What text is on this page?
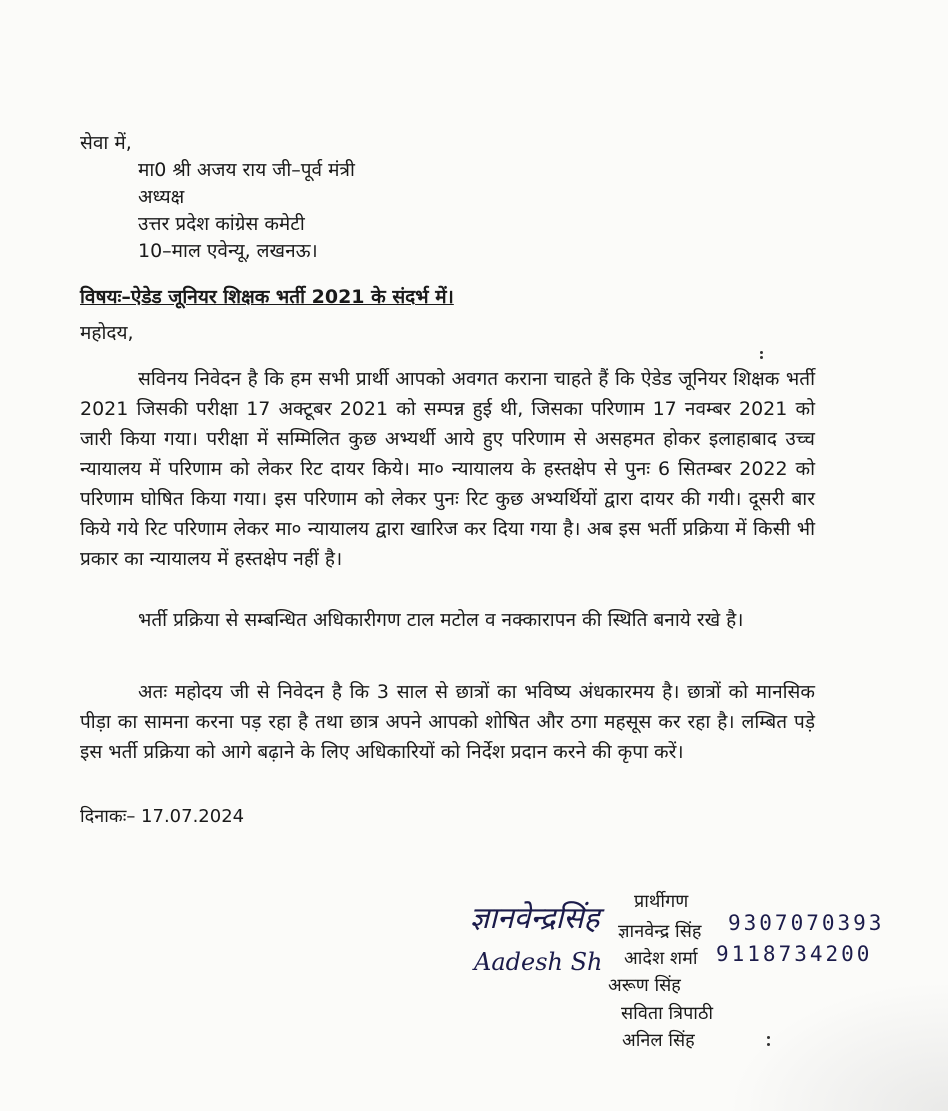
सेवा में,
मा0 श्री अजय राय जी–पूर्व मंत्री
अध्यक्ष
उत्तर प्रदेश कांग्रेस कमेटी
10–माल एवेन्यू, लखनऊ।
विषयः–ऐडेड जूनियर शिक्षक भर्ती 2021 के संदर्भ में।
महोदय,

सविनय निवेदन है कि हम सभी प्रार्थी आपको अवगत कराना चाहते हैं कि ऐडेड जूनियर शिक्षक भर्ती 2021 जिसकी परीक्षा 17 अक्टूबर 2021 को सम्पन्न हुई थी, जिसका परिणाम 17 नवम्बर 2021 को जारी किया गया। परीक्षा में सम्मिलित कुछ अभ्यर्थी आये हुए परिणाम से असहमत होकर इलाहाबाद उच्च न्यायालय में परिणाम को लेकर रिट दायर किये। मा० न्यायालय के हस्तक्षेप से पुनः 6 सितम्बर 2022 को परिणाम घोषित किया गया। इस परिणाम को लेकर पुनः रिट कुछ अभ्यर्थियों द्वारा दायर की गयी। दूसरी बार किये गये रिट परिणाम लेकर मा० न्यायालय द्वारा खारिज कर दिया गया है। अब इस भर्ती प्रक्रिया में किसी भी प्रकार का न्यायालय में हस्तक्षेप नहीं है।

भर्ती प्रक्रिया से सम्बन्धित अधिकारीगण टाल मटोल व नक्कारापन की स्थिति बनाये रखे है।

अतः महोदय जी से निवेदन है कि 3 साल से छात्रों का भविष्य अंधकारमय है। छात्रों को मानसिक पीड़ा का सामना करना पड़ रहा है तथा छात्र अपने आपको शोषित और ठगा महसूस कर रहा है। लम्बित पड़े इस भर्ती प्रक्रिया को आगे बढ़ाने के लिए अधिकारियों को निर्देश प्रदान करने की कृपा करें।

दिनाकः– 17.07.2024
प्रार्थीगण
ज्ञानवेन्द्रसिंह ज्ञानवेन्द्र सिंह 9307070393
Aadesh Sh आदेश शर्मा 9118734200
अरूण सिंह
सविता त्रिपाठी
अनिल सिंह
